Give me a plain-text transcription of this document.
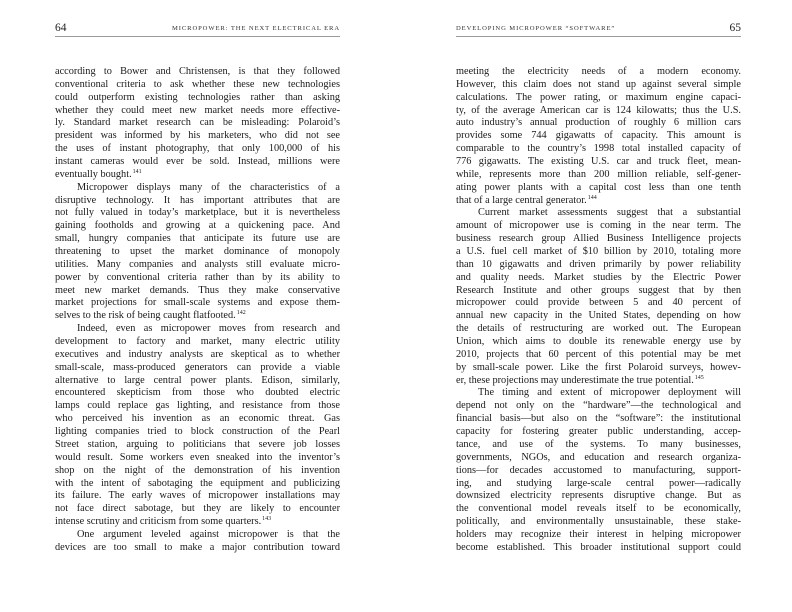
64	MICROPOWER: THE NEXT ELECTRICAL ERA
according to Bower and Christensen, is that they followed
conventional criteria to ask whether these new technologies
could outperform existing technologies rather than asking
whether they could meet new market needs more effective-
ly. Standard market research can be misleading: Polaroid’s
president was informed by his marketers, who did not see
the uses of instant photography, that only 100,000 of his
instant cameras would ever be sold. Instead, millions were
eventually bought.$^{141}$
Micropower displays many of the characteristics of a
disruptive technology. It has important attributes that are
not fully valued in today’s marketplace, but it is nevertheless
gaining footholds and growing at a quickening pace. And
small, hungry companies that anticipate its future use are
threatening to upset the market dominance of monopoly
utilities. Many companies and analysts still evaluate micro-
power by conventional criteria rather than by its ability to
meet new market demands. Thus they make conservative
market projections for small-scale systems and expose them-
selves to the risk of being caught flatfooted.$^{142}$
Indeed, even as micropower moves from research and
development to factory and market, many electric utility
executives and industry analysts are skeptical as to whether
small-scale, mass-produced generators can provide a viable
alternative to large central power plants. Edison, similarly,
encountered skepticism from those who doubted electric
lamps could replace gas lighting, and resistance from those
who perceived his invention as an economic threat. Gas
lighting companies tried to block construction of the Pearl
Street station, arguing to politicians that severe job losses
would result. Some workers even sneaked into the inventor’s
shop on the night of the demonstration of his invention
with the intent of sabotaging the equipment and publicizing
its failure. The early waves of micropower installations may
not face direct sabotage, but they are likely to encounter
intense scrutiny and criticism from some quarters.$^{143}$
One argument leveled against micropower is that the
devices are too small to make a major contribution toward
DEVELOPING MICROPOWER “SOFTWARE”	65
meeting the electricity needs of a modern economy.
However, this claim does not stand up against several simple
calculations. The power rating, or maximum engine capaci-
ty, of the average American car is 124 kilowatts; thus the U.S.
auto industry’s annual production of roughly 6 million cars
provides some 744 gigawatts of capacity. This amount is
comparable to the country’s 1998 total installed capacity of
776 gigawatts. The existing U.S. car and truck fleet, mean-
while, represents more than 200 million reliable, self-gener-
ating power plants with a capital cost less than one tenth
that of a large central generator.$^{144}$
Current market assessments suggest that a substantial
amount of micropower use is coming in the near term. The
business research group Allied Business Intelligence projects
a U.S. fuel cell market of $10 billion by 2010, totaling more
than 10 gigawatts and driven primarily by power reliability
and quality needs. Market studies by the Electric Power
Research Institute and other groups suggest that by then
micropower could provide between 5 and 40 percent of
annual new capacity in the United States, depending on how
the details of restructuring are worked out. The European
Union, which aims to double its renewable energy use by
2010, projects that 60 percent of this potential may be met
by small-scale power. Like the first Polaroid surveys, howev-
er, these projections may underestimate the true potential.$^{145}$
The timing and extent of micropower deployment will
depend not only on the “hardware”—the technological and
financial basis—but also on the “software”: the institutional
capacity for fostering greater public understanding, accep-
tance, and use of the systems. To many businesses,
governments, NGOs, and education and research organiza-
tions—for decades accustomed to manufacturing, support-
ing, and studying large-scale central power—radically
downsized electricity represents disruptive change. But as
the conventional model reveals itself to be economically,
politically, and environmentally unsustainable, these stake-
holders may recognize their interest in helping micropower
become established. This broader institutional support could
